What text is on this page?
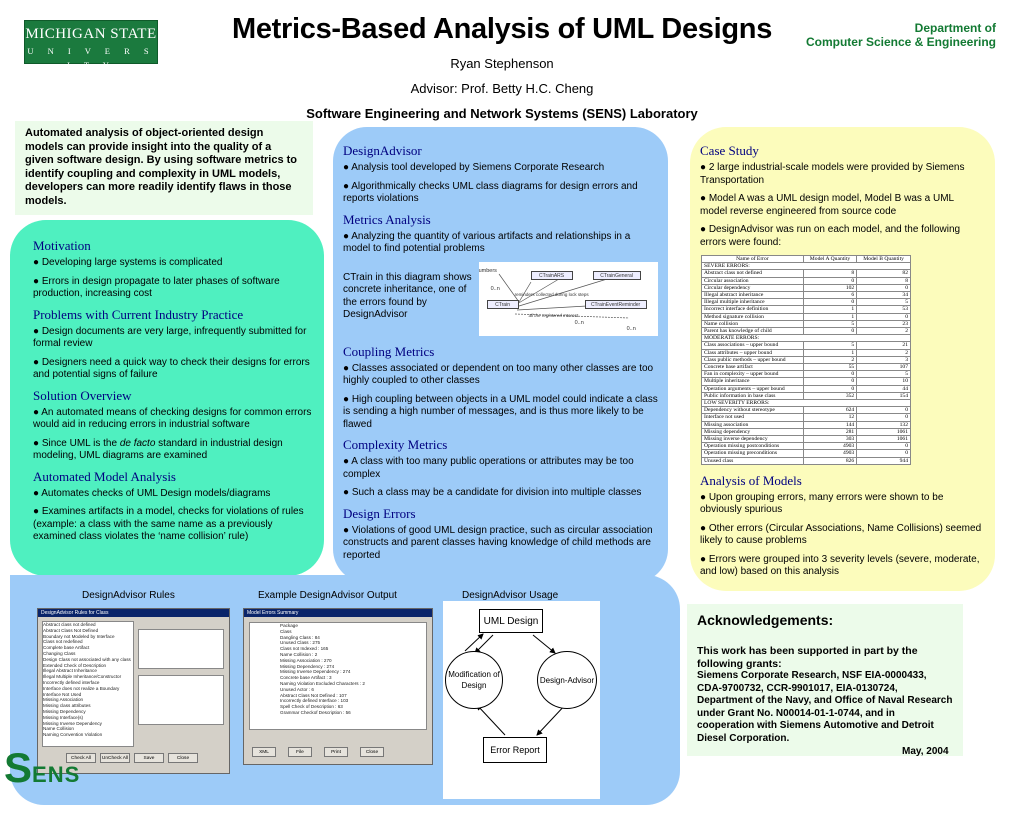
MICHIGAN STATE
U N I V E R S I T Y
Metrics-Based Analysis of UML Designs	Department of
Computer Science & Engineering
Ryan Stephenson
Advisor: Prof. Betty H.C. Cheng
Software Engineering and Network Systems (SENS) Laboratory
Automated analysis of object-oriented design models can provide insight into the quality of a given software design. By using software metrics to identify coupling and complexity in UML models, developers can more readily identify flaws in those models.
Motivation
● Developing large systems is complicated
● Errors in design propagate to later phases of software production, increasing cost
Problems with Current Industry Practice
● Design documents are very large, infrequently submitted for formal review
● Designers need a quick way to check their designs for errors and potential signs of failure
Solution Overview
● An automated means of checking designs for common errors would aid in reducing errors in industrial software
● Since UML is the de facto standard in industrial design modeling, UML diagrams are examined
Automated Model Analysis
● Automates checks of UML Design models/diagrams
● Examines artifacts in a model, checks for violations of rules (example: a class with the same name as a previously examined class violates the ‘name collision’ rule)
DesignAdvisor
● Analysis tool developed by Siemens Corporate Research
● Algorithmically checks UML class diagrams for design errors and reports violations
Metrics Analysis
● Analyzing the quantity of various artifacts and relationships in a model to find potential problems
CTrain in this diagram shows concrete inheritance, one of the errors found by DesignAdvisor
CTrainARS	CTrainGeneral
CTrain	CTrainEventReminder
umbers
reminders collected during lock steps
all the registered Interest
0..n
0..n
0..n
Coupling Metrics
● Classes associated or dependent on too many other classes are too highly coupled to other classes
● High coupling between objects in a UML model could indicate a class is sending a high number of messages, and is thus more likely to be flawed
Complexity Metrics
● A class with too many public operations or attributes may be too complex
● Such a class may be a candidate for division into multiple classes
Design Errors
● Violations of good UML design practice, such as circular association constructs and parent classes having knowledge of child methods are reported
Case Study
● 2 large industrial-scale models were provided by Siemens Transportation
● Model A was a UML design model, Model B was a UML model reverse engineered from source code
● DesignAdvisor was run on each model, and the following errors were found:
Name of Error	Model A Quantity	Model B Quantity
SEVERE ERRORS:		
Abstract class not defined	8	82
Circular association	0	8
Circular dependency	102	0
Illegal abstract inheritance	6	34
Illegal multiple inheritance	0	5
Incorrect interface definition	1	53
Method signature collision	1	0
Name collision	5	23
Parent has knowledge of child	0	2
MODERATE ERRORS:		
Class associations – upper bound	5	21
Class attributes – upper bound	1	2
Class public methods – upper bound	2	3
Concrete base artifact	55	107
Fan in complexity – upper bound	0	5
Multiple inheritance	0	10
Operation arguments – upper bound	0	44
Public information in base class	352	154
LOW SEVERITY ERRORS:		
Dependency without stereotype	624	0
Interface not used	12	0
Missing association	144	132
Missing dependency	281	1061
Missing inverse dependency	303	1061
Operation missing postconditions	4903	0
Operation missing preconditions	4903	0
Unused class	826	944
Analysis of Models
● Upon grouping errors, many errors were shown to be obviously spurious
● Other errors (Circular Associations, Name Collisions) seemed likely to cause problems
● Errors were grouped into 3 severity levels (severe, moderate, and low) based on this analysis
DesignAdvisor Rules	Example DesignAdvisor Output	DesignAdvisor Usage
DesignAdvisor Rules for Class
Abstract class not defined
Abstract Class Not Defined
Boundary not Modeled by Interface
Class not redefined
Complete base Artifact
Changing Class
Design Class not associated with any class
Extended Check of Description
Illegal Abstract Inheritance
Illegal Multiple Inheritance/Constructor
Incorrectly defined interface
Interface does not realize a Boundary
Interface Not Used
Missing Association
Missing class attributes
Missing Dependency
Missing Interface(s)
Missing Inverse Dependency
Name Collision
Naming Convention Violation
Check All	UnCheck All	Save	Close
Model Errors Summary
Package
Class
Dangling Class : 84
Unused Class : 275
Class not Indexed : 165
Name Collision : 2
Missing Association : 270
Missing Dependency : 274
Missing Inverse Dependency : 274
Concrete base Artifact : 3
Naming Violation Excluded Characters : 2
Unused Actor : 6
Abstract Class Not Defined : 107
Incorrectly defined Interface : 103
Spell Check of Description : 63
Grammar Checkof Description : 56
XML	File	Print	Close
UML Design
Modification of Design
Design-Advisor
Error Report
Acknowledgements:
This work has been supported in part by the following grants:
Siemens Corporate Research, NSF EIA-0000433, CDA-9700732, CCR-9901017, EIA-0130724, Department of the Navy, and Office of Naval Research under Grant No. N00014-01-1-0744, and in cooperation with Siemens Automotive and Detroit Diesel Corporation.
SENS
May, 2004
